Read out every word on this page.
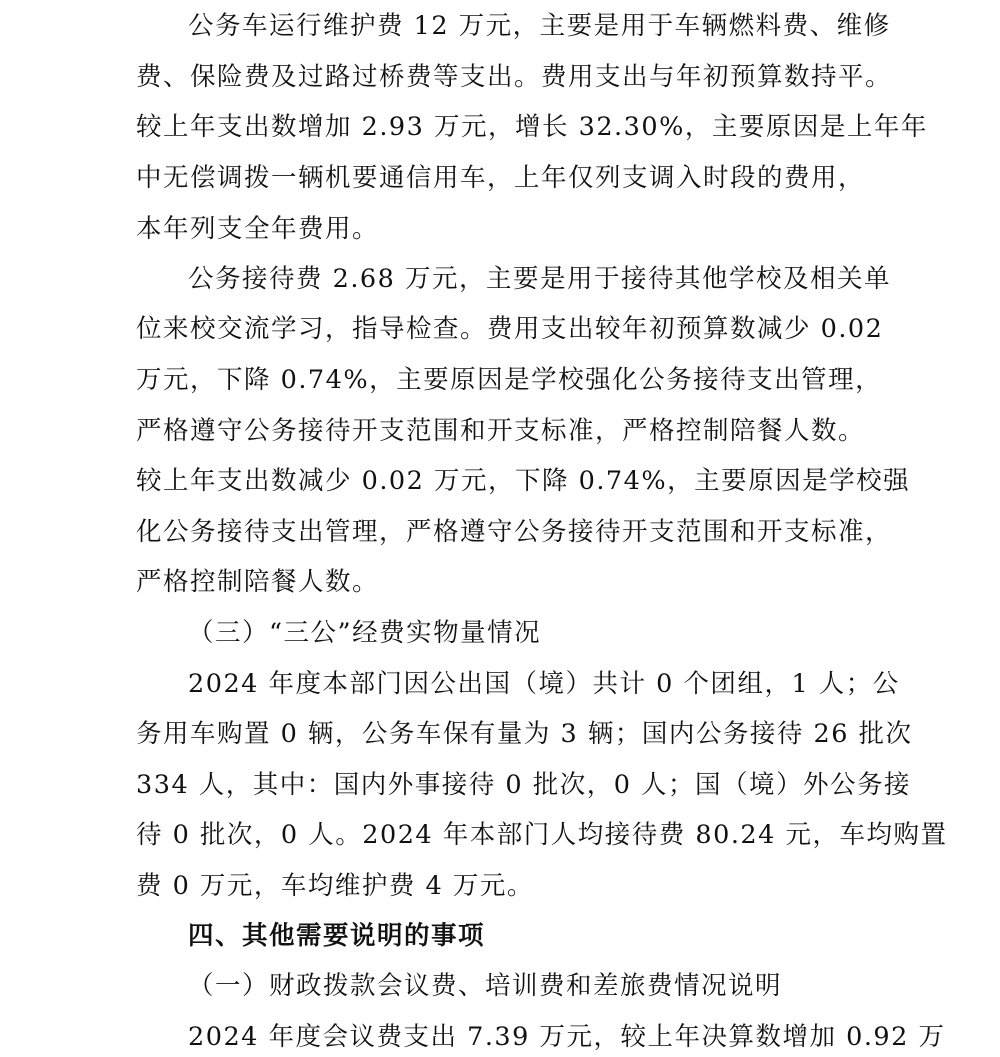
公务车运行维护费 12 万元，主要是用于车辆燃料费、维修
费、保险费及过路过桥费等支出。费用支出与年初预算数持平。
较上年支出数增加 2.93 万元，增长 32.30%，主要原因是上年年
中无偿调拨一辆机要通信用车，上年仅列支调入时段的费用，
本年列支全年费用。
公务接待费 2.68 万元，主要是用于接待其他学校及相关单
位来校交流学习，指导检查。费用支出较年初预算数减少 0.02
万元，下降 0.74%，主要原因是学校强化公务接待支出管理，
严格遵守公务接待开支范围和开支标准，严格控制陪餐人数。
较上年支出数减少 0.02 万元，下降 0.74%，主要原因是学校强
化公务接待支出管理，严格遵守公务接待开支范围和开支标准，
严格控制陪餐人数。
（三）“三公”经费实物量情况
2024 年度本部门因公出国（境）共计 0 个团组，1 人；公
务用车购置 0 辆，公务车保有量为 3 辆；国内公务接待 26 批次
334 人，其中：国内外事接待 0 批次，0 人；国（境）外公务接
待 0 批次，0 人。2024 年本部门人均接待费 80.24 元，车均购置
费 0 万元，车均维护费 4 万元。
四、其他需要说明的事项
（一）财政拨款会议费、培训费和差旅费情况说明
2024 年度会议费支出 7.39 万元，较上年决算数增加 0.92 万
